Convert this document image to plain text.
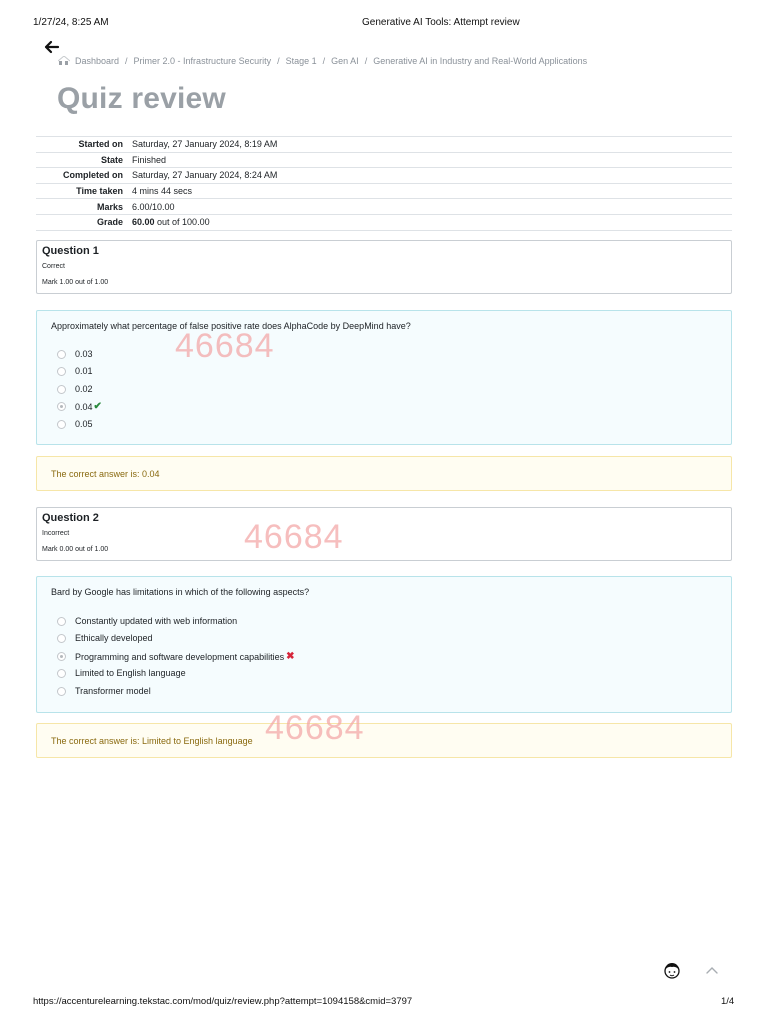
1/27/24, 8:25 AM	Generative AI Tools: Attempt review
Dashboard / Primer 2.0 - Infrastructure Security / Stage 1 / Gen AI / Generative AI in Industry and Real-World Applications
Quiz review
Started on	Saturday, 27 January 2024, 8:19 AM
State	Finished
Completed on	Saturday, 27 January 2024, 8:24 AM
Time taken	4 mins 44 secs
Marks	6.00/10.00
Grade	60.00 out of 100.00
Question 1
Correct
Mark 1.00 out of 1.00
Approximately what percentage of false positive rate does AlphaCode by DeepMind have?
0.03
0.01
0.02
0.04 ✔
0.05
The correct answer is: 0.04
Question 2
Incorrect
Mark 0.00 out of 1.00
Bard by Google has limitations in which of the following aspects?
Constantly updated with web information
Ethically developed
Programming and software development capabilities ✖
Limited to English language
Transformer model
The correct answer is: Limited to English language
46684
46684
46684
https://accenturelearning.tekstac.com/mod/quiz/review.php?attempt=1094158&cmid=3797	1/4
